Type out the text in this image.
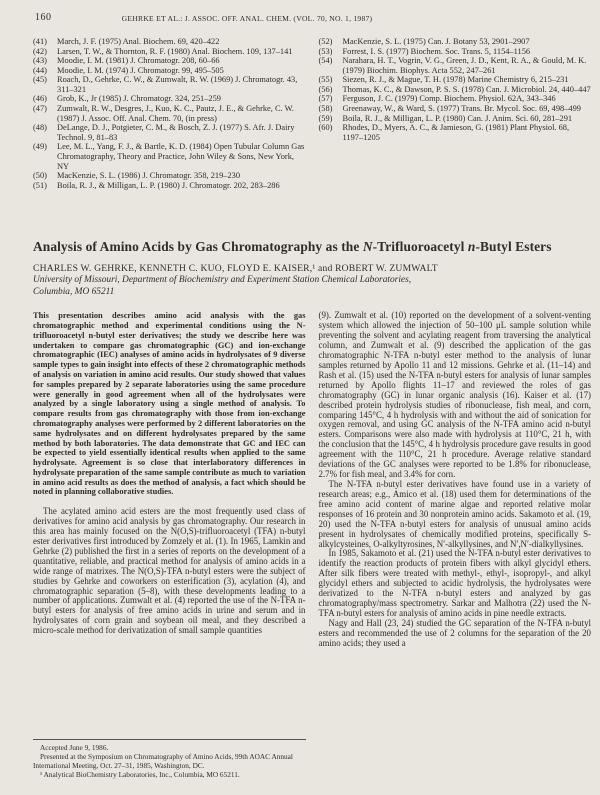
160	GEHRKE ET AL.: J. ASSOC. OFF. ANAL. CHEM. (VOL. 70, NO. 1, 1987)

(41) March, J. F. (1975) Anal. Biochem. 69, 420–422

(42) Larsen, T. W., & Thornton, R. F. (1980) Anal. Biochem. 109, 137–141

(43) Moodie, I. M. (1981) J. Chromatogr. 208, 60–66

(44) Moodie, I. M. (1974) J. Chromatogr. 99, 495–505

(45) Roach, D., Gehrke, C. W., & Zumwalt, R. W. (1969) J. Chromatogr. 43, 311–321

(46) Grob, K., Jr (1985) J. Chromatogr. 324, 251–259

(47) Zumwalt, R. W., Desgres, J., Kuo, K. C., Pautz, J. E., & Gehrke, C. W. (1987) J. Assoc. Off. Anal. Chem. 70, (in press)

(48) DeLange, D. J., Potgieter, C. M., & Bosch, Z. J. (1977) S. Afr. J. Dairy Technol. 9, 81–83

(49) Lee, M. L., Yang, F. J., & Bartle, K. D. (1984) Open Tubular Column Gas Chromatography, Theory and Practice, John Wiley & Sons, New York, NY

(50) MacKenzie, S. L. (1986) J. Chromatogr. 358, 219–230

(51) Boila, R. J., & Milligan, L. P. (1980) J. Chromatogr. 202, 283–286

(52) MacKenzie, S. L. (1975) Can. J. Botany 53, 2901–2907

(53) Forrest, I. S. (1977) Biochem. Soc. Trans. 5, 1154–1156

(54) Narahara, H. T., Vogrin, V. G., Green, J. D., Kent, R. A., & Gould, M. K. (1979) Biochim. Biophys. Acta 552, 247–261

(55) Siezen, R. J., & Mague, T. H. (1978) Marine Chemistry 6, 215–231

(56) Thomas, K. C., & Dawson, P. S. S. (1978) Can. J. Microbiol. 24, 440–447

(57) Ferguson, J. C. (1979) Comp. Biochem. Physiol. 62A, 343–346

(58) Greenaway, W., & Ward, S. (1977) Trans. Br. Mycol. Soc. 69, 498–499

(59) Boila, R. J., & Milligan, L. P. (1980) Can. J. Anim. Sci. 60, 281–291

(60) Rhodes, D., Myers, A. C., & Jamieson, G. (1981) Plant Physiol. 68, 1197–1205

Analysis of Amino Acids by Gas Chromatography as the N-Trifluoroacetyl n-Butyl Esters
CHARLES W. GEHRKE, KENNETH C. KUO, FLOYD E. KAISER,¹ and ROBERT W. ZUMWALT
University of Missouri, Department of Biochemistry and Experiment Station Chemical Laboratories,
Columbia, MO 65211

This presentation describes amino acid analysis with the gas chromatographic method and experimental conditions using the N-trifluoroacetyl n-butyl ester derivatives; the study we describe here was undertaken to compare gas chromatographic (GC) and ion-exchange chromatographic (IEC) analyses of amino acids in hydrolysates of 9 diverse sample types to gain insight into effects of these 2 chromatographic methods of analysis on variation in amino acid results. Our study showed that values for samples prepared by 2 separate laboratories using the same procedure were generally in good agreement when all of the hydrolysates were analyzed by a single laboratory using a single method of analysis. To compare results from gas chromatography with those from ion-exchange chromatography analyses were performed by 2 different laboratories on the same hydrolysates and on different hydrolysates prepared by the same method by both laboratories. The data demonstrate that GC and IEC can be expected to yield essentially identical results when applied to the same hydrolysate. Agreement is so close that interlaboratory differences in hydrolysate preparation of the same sample contribute as much to variation in amino acid results as does the method of analysis, a fact which should be noted in planning collaborative studies.

The acylated amino acid esters are the most frequently used class of derivatives for amino acid analysis by gas chromatography. Our research in this area has mainly focused on the N(O,S)-trifluoroacetyl (TFA) n-butyl ester derivatives first introduced by Zomzely et al. (1). In 1965, Lamkin and Gehrke (2) published the first in a series of reports on the development of a quantitative, reliable, and practical method for analysis of amino acids in a wide range of matrixes. The N(O,S)-TFA n-butyl esters were the subject of studies by Gehrke and coworkers on esterification (3), acylation (4), and chromatographic separation (5–8), with these developments leading to a number of applications. Zumwalt et al. (4) reported the use of the N-TFA n-butyl esters for analysis of free amino acids in urine and serum and in hydrolysates of corn grain and soybean oil meal, and they described a micro-scale method for derivatization of small sample quantities

Accepted June 9, 1986.

Presented at the Symposium on Chromatography of Amino Acids, 99th AOAC Annual International Meeting, Oct. 27–31, 1985, Washington, DC.

¹ Analytical BioChemistry Laboratories, Inc., Columbia, MO 65211.

(9). Zumwalt et al. (10) reported on the development of a solvent-venting system which allowed the injection of 50–100 μL sample solution while preventing the solvent and acylating reagent from traversing the analytical column, and Zumwalt et al. (9) described the application of the gas chromatographic N-TFA n-butyl ester method to the analysis of lunar samples returned by Apollo 11 and 12 missions. Gehrke et al. (11–14) and Rash et al. (15) used the N-TFA n-butyl esters for analysis of lunar samples returned by Apollo flights 11–17 and reviewed the roles of gas chromatography (GC) in lunar organic analysis (16). Kaiser et al. (17) described protein hydrolysis studies of ribonuclease, fish meal, and corn, comparing 145°C, 4 h hydrolysis with and without the aid of sonication for oxygen removal, and using GC analysis of the N-TFA amino acid n-butyl esters. Comparisons were also made with hydrolysis at 110°C, 21 h, with the conclusion that the 145°C, 4 h hydrolysis procedure gave results in good agreement with the 110°C, 21 h procedure. Average relative standard deviations of the GC analyses were reported to be 1.8% for ribonuclease, 2.7% for fish meal, and 3.4% for corn.

The N-TFA n-butyl ester derivatives have found use in a variety of research areas; e.g., Amico et al. (18) used them for determinations of the free amino acid content of marine algae and reported relative molar responses of 16 protein and 30 nonprotein amino acids. Sakamoto et al. (19, 20) used the N-TFA n-butyl esters for analysis of unusual amino acids present in hydrolysates of chemically modified proteins, specifically S-alkylcysteines, O-alkyltyrosines, N′-alkyllysines, and N′,N′-dialkyllysines.

In 1985, Sakamoto et al. (21) used the N-TFA n-butyl ester derivatives to identify the reaction products of protein fibers with alkyl glycidyl ethers. After silk fibers were treated with methyl-, ethyl-, isopropyl-, and alkyl glycidyl ethers and subjected to acidic hydrolysis, the hydrolysates were derivatized to the N-TFA n-butyl esters and analyzed by gas chromatography/mass spectrometry. Sarkar and Malhotra (22) used the N-TFA n-butyl esters for analysis of amino acids in pine needle extracts.

Nagy and Hall (23, 24) studied the GC separation of the N-TFA n-butyl esters and recommended the use of 2 columns for the separation of the 20 amino acids; they used a
